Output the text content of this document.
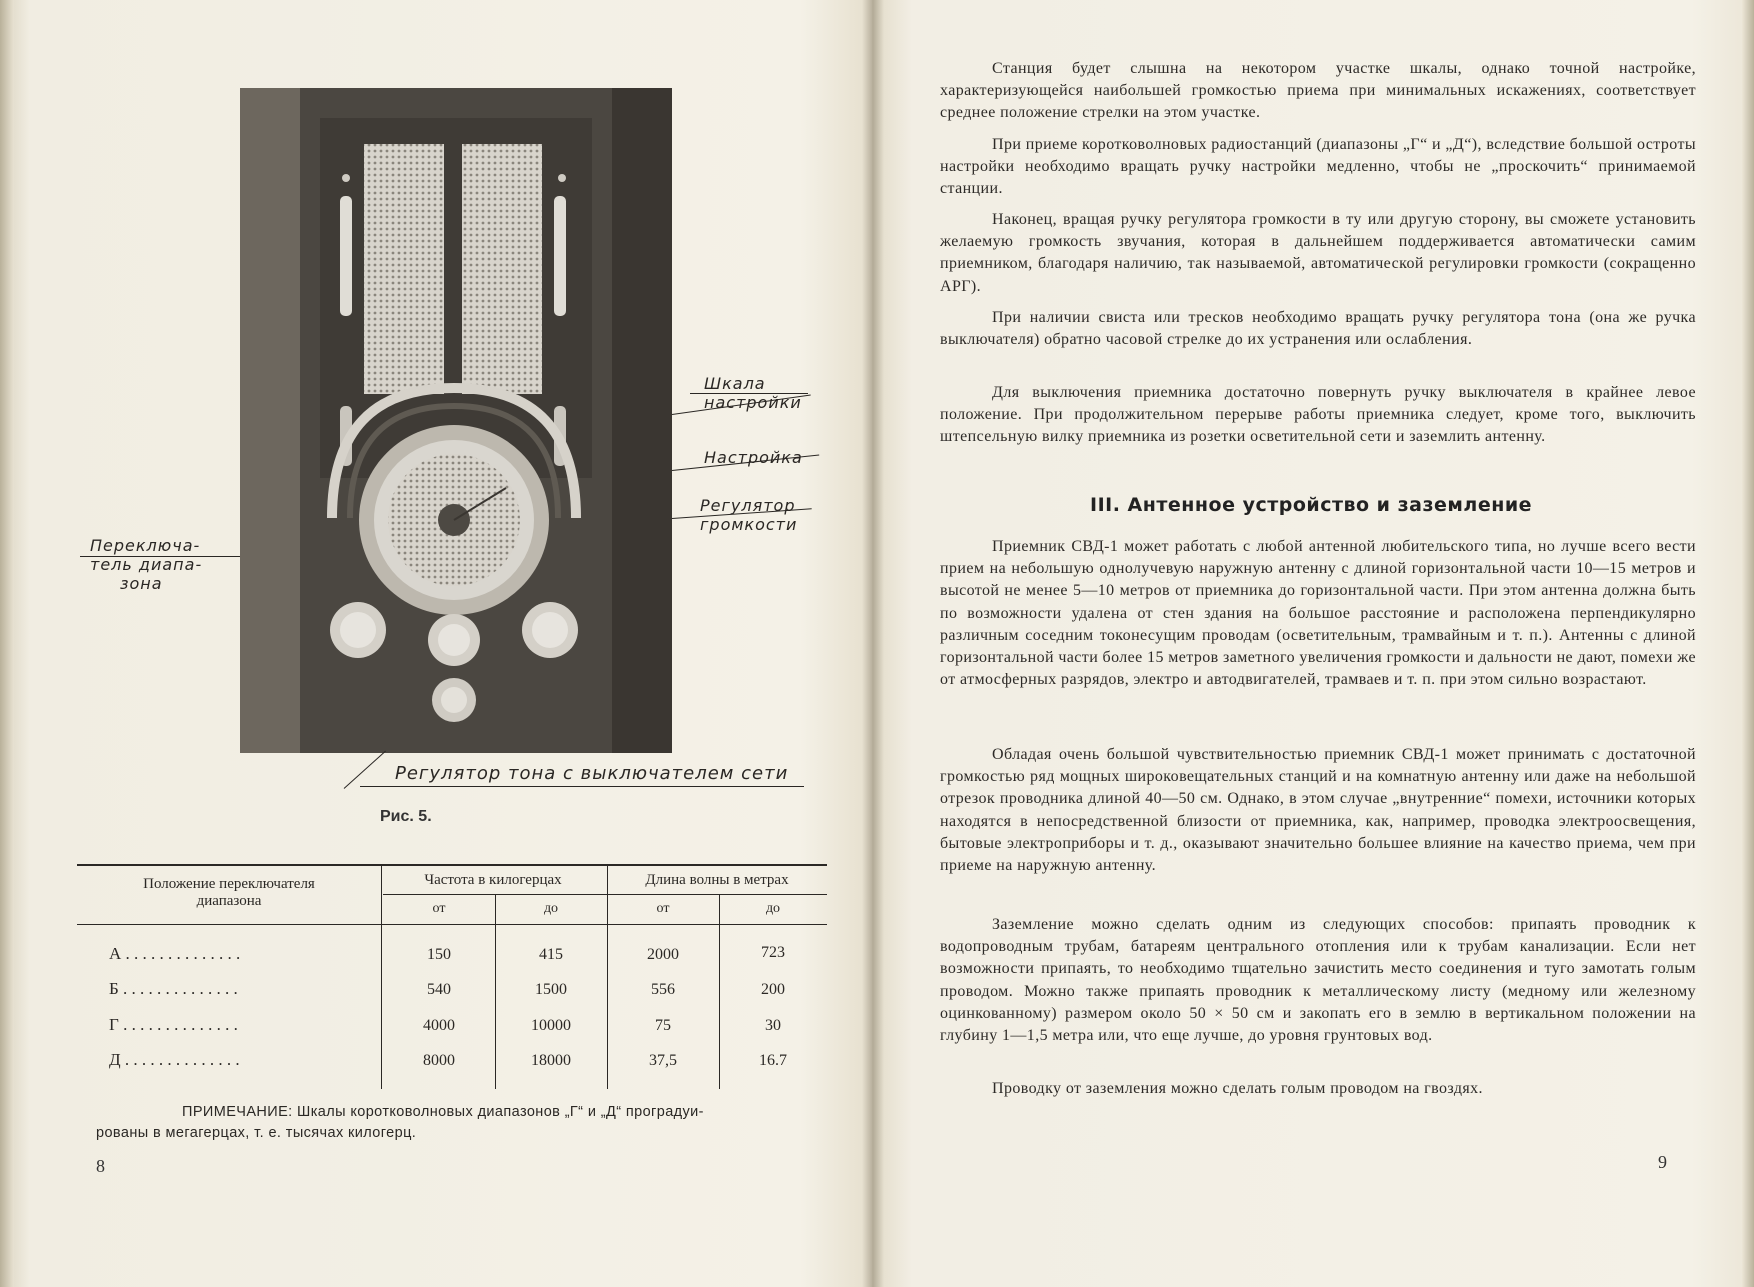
Шкала
настройки
Настройка
Регулятор
громкости
Переключа-
тель диапа-
зона
Регулятор тона с выключателем сети
Рис. 5.
Положение переключателя
диапазона
Частота в килогерцах	Длина волны в метрах
от	до	от	до
А . . . . . . . . . . . . . .	150	415	2000	723
Б . . . . . . . . . . . . . .	540	1500	556	200
Г . . . . . . . . . . . . . .	4000	10000	75	30
Д . . . . . . . . . . . . . .	8000	18000	37,5	16.7
ПРИМЕЧАНИЕ: Шкалы коротковолновых диапазонов „Г“ и „Д“ проградуи-
рованы в мегагерцах, т. е. тысячах килогерц.
8
Станция будет слышна на некотором участке шкалы, однако точной настройке, характеризующейся наибольшей громкостью приема при минимальных искажениях, соответствует среднее положение стрелки на этом участке.
При приеме коротковолновых радиостанций (диапазоны „Г“ и „Д“), вследствие большой остроты настройки необходимо вращать ручку настройки медленно, чтобы не „проскочить“ принимаемой станции.
Наконец, вращая ручку регулятора громкости в ту или другую сторону, вы сможете установить желаемую громкость звучания, которая в дальнейшем поддерживается автоматически самим приемником, благодаря наличию, так называемой, автоматической регулировки громкости (сокращенно АРГ).
При наличии свиста или тресков необходимо вращать ручку регулятора тона (она же ручка выключателя) обратно часовой стрелке до их устранения или ослабления.
Для выключения приемника достаточно повернуть ручку выключателя в крайнее левое положение. При продолжительном перерыве работы приемника следует, кроме того, выключить штепсельную вилку приемника из розетки осветительной сети и заземлить антенну.
III. Антенное устройство и заземление
Приемник СВД-1 может работать с любой антенной любительского типа, но лучше всего вести прием на небольшую однолучевую наружную антенну с длиной горизонтальной части 10—15 метров и высотой не менее 5—10 метров от приемника до горизонтальной части. При этом антенна должна быть по возможности удалена от стен здания на большое расстояние и расположена перпендикулярно различным соседним токонесущим проводам (осветительным, трамвайным и т. п.). Антенны с длиной горизонтальной части более 15 метров заметного увеличения громкости и дальности не дают, помехи же от атмосферных разрядов, электро и автодвигателей, трамваев и т. п. при этом сильно возрастают.
Обладая очень большой чувствительностью приемник СВД-1 может принимать с достаточной громкостью ряд мощных широковещательных станций и на комнатную антенну или даже на небольшой отрезок проводника длиной 40—50 см. Однако, в этом случае „внутренние“ помехи, источники которых находятся в непосредственной близости от приемника, как, например, проводка электроосвещения, бытовые электроприборы и т. д., оказывают значительно большее влияние на качество приема, чем при приеме на наружную антенну.
Заземление можно сделать одним из следующих способов: припаять проводник к водопроводным трубам, батареям центрального отопления или к трубам канализации. Если нет возможности припаять, то необходимо тщательно зачистить место соединения и туго замотать голым проводом. Можно также припаять проводник к металлическому листу (медному или железному оцинкованному) размером около 50 × 50 см и закопать его в землю в вертикальном положении на глубину 1—1,5 метра или, что еще лучше, до уровня грунтовых вод.
Проводку от заземления можно сделать голым проводом на гвоздях.
9
